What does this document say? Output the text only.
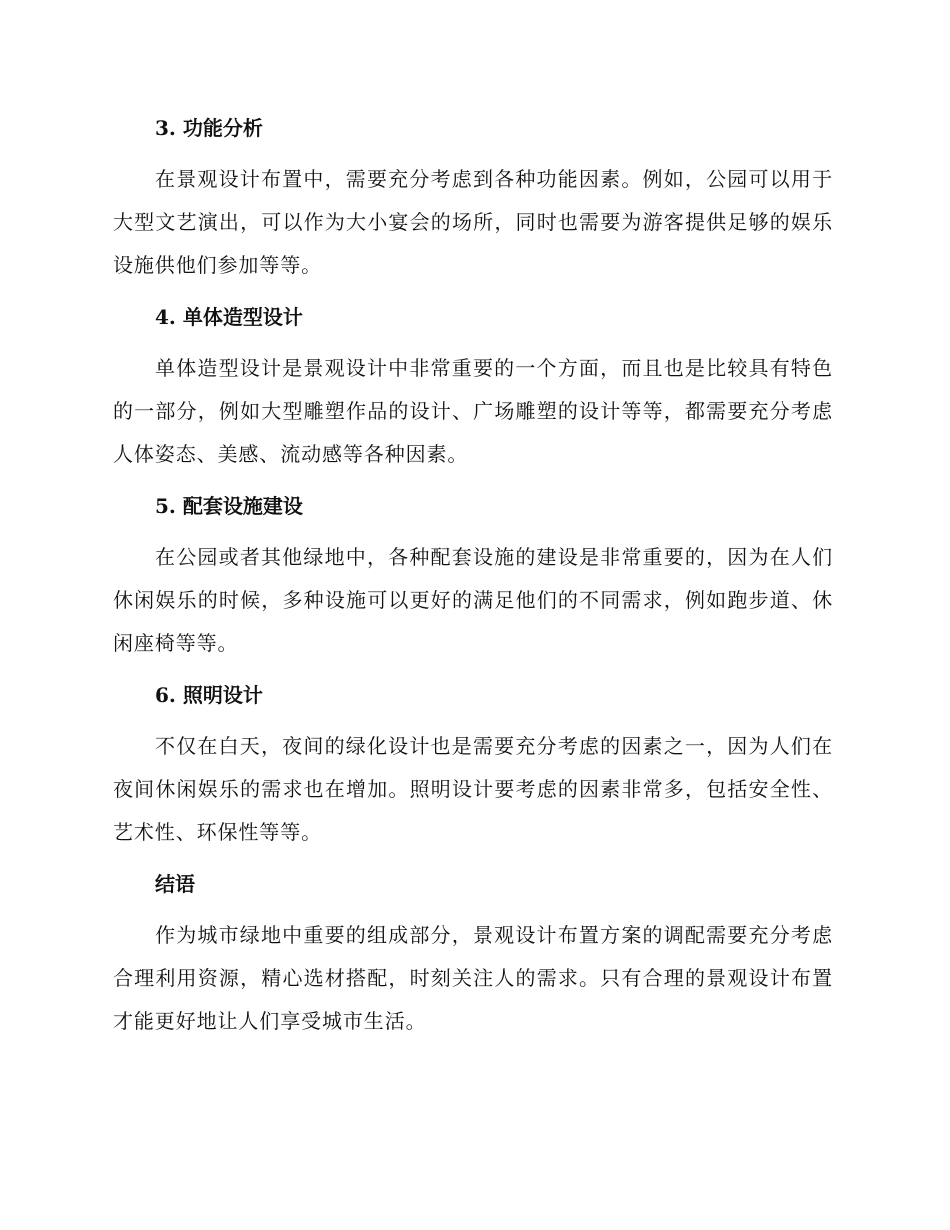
3. 功能分析

在景观设计布置中，需要充分考虑到各种功能因素。例如，公园可以用于大型文艺演出，可以作为大小宴会的场所，同时也需要为游客提供足够的娱乐设施供他们参加等等。

4. 单体造型设计

单体造型设计是景观设计中非常重要的一个方面，而且也是比较具有特色的一部分，例如大型雕塑作品的设计、广场雕塑的设计等等，都需要充分考虑人体姿态、美感、流动感等各种因素。

5. 配套设施建设

在公园或者其他绿地中，各种配套设施的建设是非常重要的，因为在人们休闲娱乐的时候，多种设施可以更好的满足他们的不同需求，例如跑步道、休闲座椅等等。

6. 照明设计

不仅在白天，夜间的绿化设计也是需要充分考虑的因素之一，因为人们在夜间休闲娱乐的需求也在增加。照明设计要考虑的因素非常多，包括安全性、艺术性、环保性等等。

结语

作为城市绿地中重要的组成部分，景观设计布置方案的调配需要充分考虑合理利用资源，精心选材搭配，时刻关注人的需求。只有合理的景观设计布置才能更好地让人们享受城市生活。
